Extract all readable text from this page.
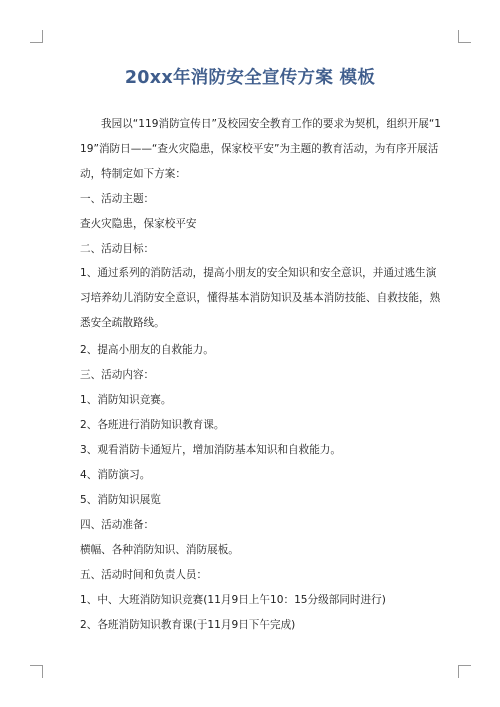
20xx年消防安全宣传方案 模板

我园以“119消防宣传日”及校园安全教育工作的要求为契机，组织开展“119”消防日——“查火灾隐患，保家校平安”为主题的教育活动，为有序开展活动，特制定如下方案：

一、活动主题：

查火灾隐患，保家校平安

二、活动目标：

1、通过系列的消防活动，提高小朋友的安全知识和安全意识，并通过逃生演习培养幼儿消防安全意识，懂得基本消防知识及基本消防技能、自救技能，熟悉安全疏散路线。

2、提高小朋友的自救能力。

三、活动内容：

1、消防知识竞赛。

2、各班进行消防知识教育课。

3、观看消防卡通短片，增加消防基本知识和自救能力。

4、消防演习。

5、消防知识展览

四、活动准备：

横幅、各种消防知识、消防展板。

五、活动时间和负责人员：

1、中、大班消防知识竞赛(11月9日上午10：15分级部同时进行)

2、各班消防知识教育课(于11月9日下午完成)
